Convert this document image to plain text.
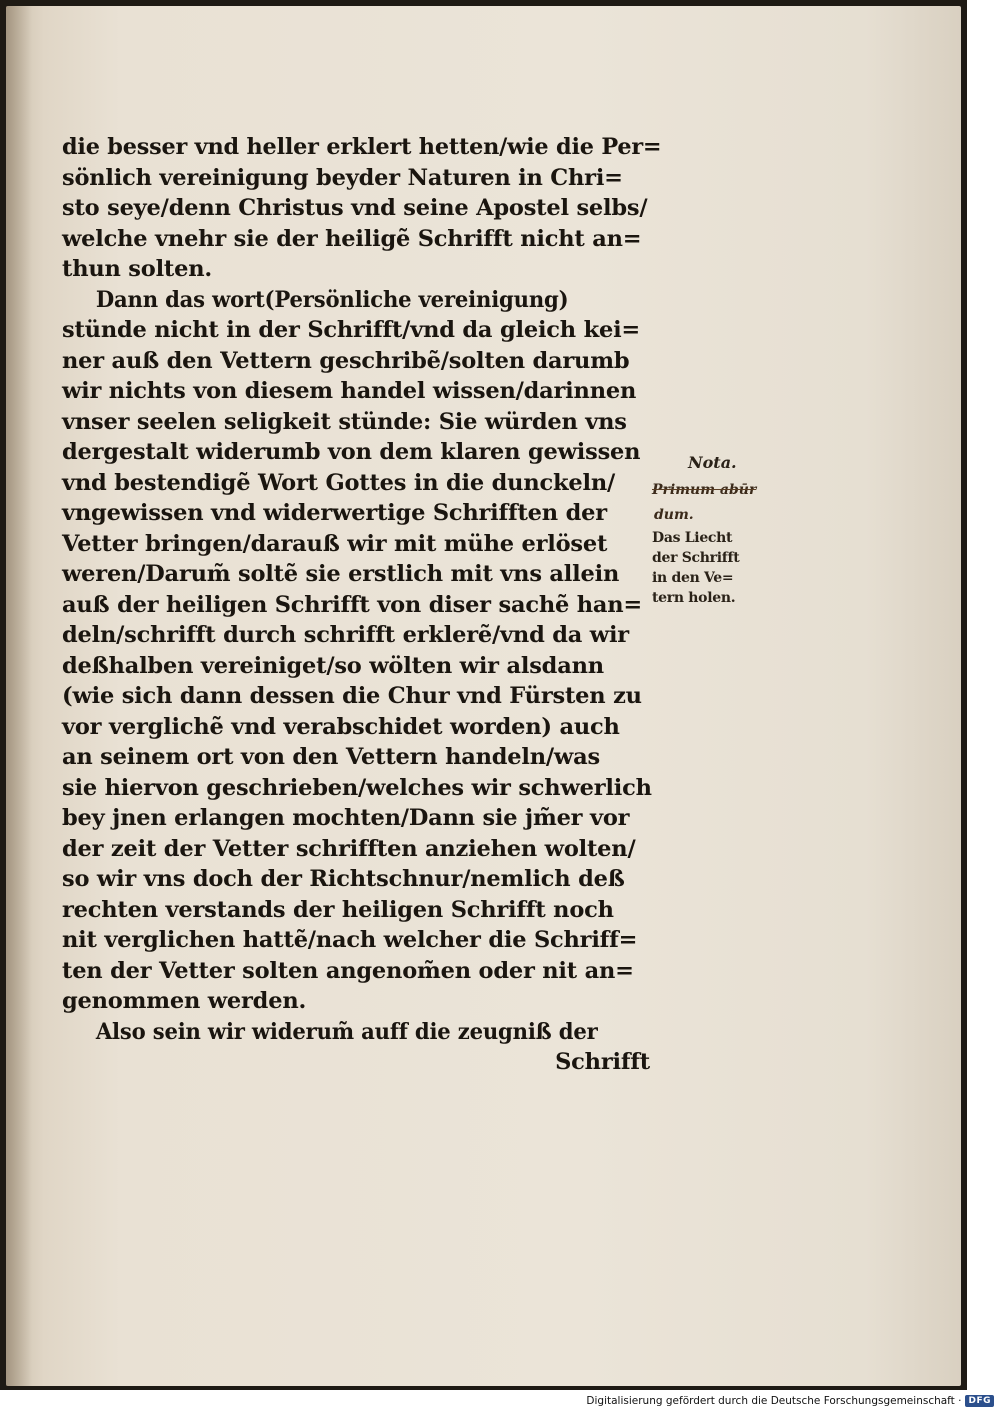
die besser vnd heller erklert hetten/wie die Per=
sönlich vereinigung beyder Naturen in Chri=
sto seye/denn Christus vnd seine Apostel selbs/
welche vnehr sie der heiligẽ Schrifft nicht an=
thun solten.
Dann das wort(Persönliche vereinigung)
stünde nicht in der Schrifft/vnd da gleich kei=
ner auß den Vettern geschribẽ/solten darumb
wir nichts von diesem handel wissen/darinnen
vnser seelen seligkeit stünde: Sie würden vns
dergestalt widerumb von dem klaren gewissen
vnd bestendigẽ Wort Gottes in die dunckeln/
vngewissen vnd widerwertige Schrifften der
Vetter bringen/darauß wir mit mühe erlöset
weren/Darum̃ soltẽ sie erstlich mit vns allein
auß der heiligen Schrifft von diser sachẽ han=
deln/schrifft durch schrifft erklerẽ/vnd da wir
deßhalben vereiniget/so wölten wir alsdann
(wie sich dann dessen die Chur vnd Fürsten zu
vor verglichẽ vnd verabschidet worden) auch
an seinem ort von den Vettern handeln/was
sie hiervon geschrieben/welches wir schwerlich
bey jnen erlangen mochten/Dann sie jm̃er vor
der zeit der Vetter schrifften anziehen wolten/
so wir vns doch der Richtschnur/nemlich deß
rechten verstands der heiligen Schrifft noch
nit verglichen hattẽ/nach welcher die Schriff=
ten der Vetter solten angenom̃en oder nit an=
genommen werden.
Also sein wir widerum̃ auff die zeugniß der
Schrifft
Nota.
Primum abūr
dum.
Das Liecht
der Schrifft
in den Ve=
tern holen.
Digitalisierung gefördert durch die Deutsche Forschungsgemeinschaft · DFG
